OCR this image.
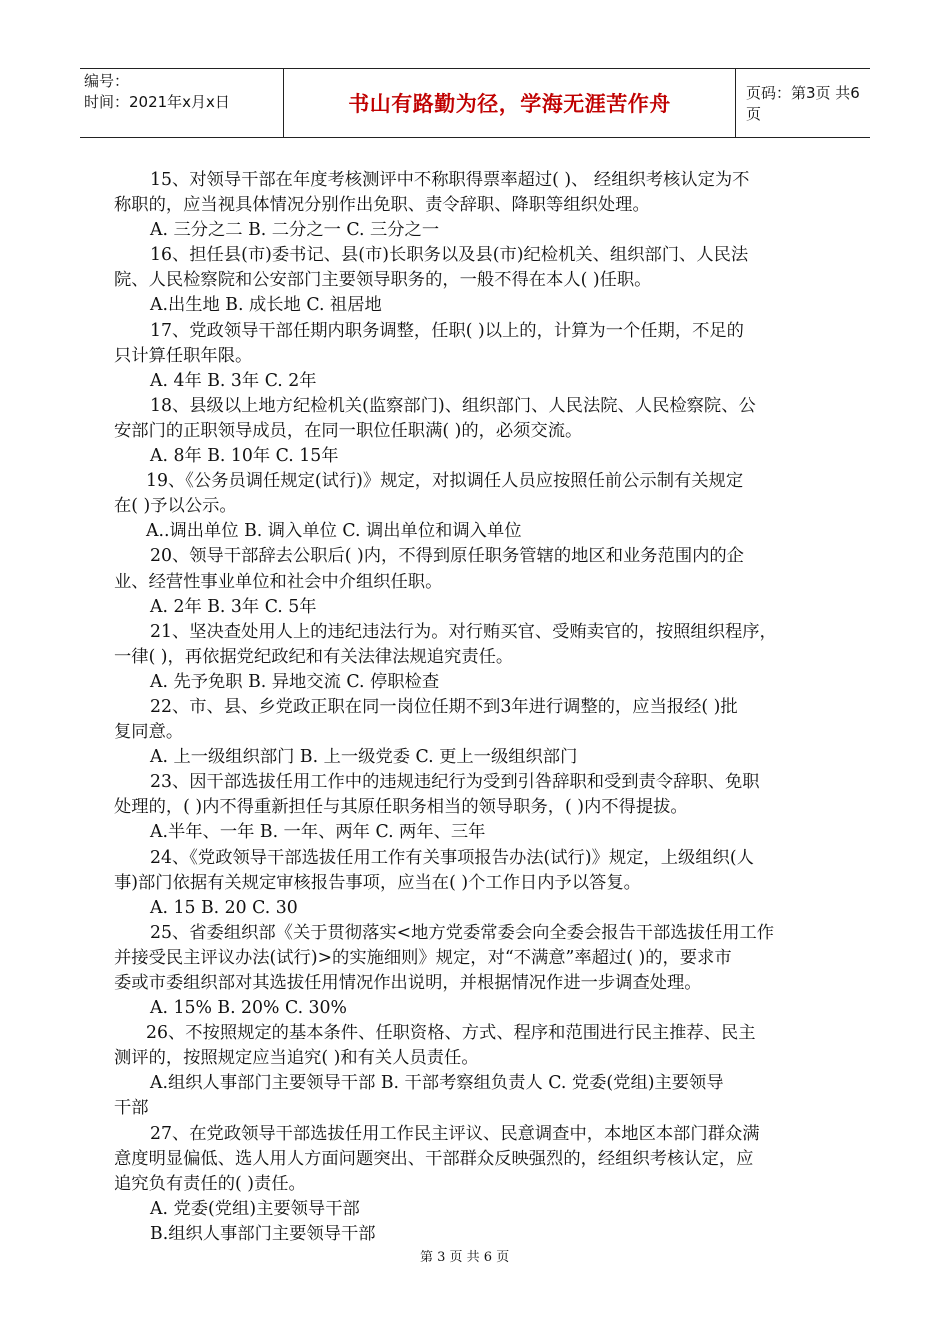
编号：
时间：2021年x月x日	书山有路勤为径，学海无涯苦作舟	页码：第3页 共6页
15、对领导干部在年度考核测评中不称职得票率超过( )、 经组织考核认定为不
称职的，应当视具体情况分别作出免职、责令辞职、降职等组织处理。
A. 三分之二 B. 二分之一 C. 三分之一
16、担任县(市)委书记、县(市)长职务以及县(市)纪检机关、组织部门、人民法
院、人民检察院和公安部门主要领导职务的，一般不得在本人( )任职。
A.出生地 B. 成长地 C. 祖居地
17、党政领导干部任期内职务调整，任职( )以上的，计算为一个任期，不足的
只计算任职年限。
A. 4年 B. 3年 C. 2年
18、县级以上地方纪检机关(监察部门)、组织部门、人民法院、人民检察院、公
安部门的正职领导成员，在同一职位任职满( )的，必须交流。
A. 8年 B. 10年 C. 15年
19、《公务员调任规定(试行)》规定，对拟调任人员应按照任前公示制有关规定
在( )予以公示。
A..调出单位 B. 调入单位 C. 调出单位和调入单位
20、领导干部辞去公职后( )内，不得到原任职务管辖的地区和业务范围内的企
业、经营性事业单位和社会中介组织任职。
A. 2年 B. 3年 C. 5年
21、坚决查处用人上的违纪违法行为。对行贿买官、受贿卖官的，按照组织程序，
一律( )，再依据党纪政纪和有关法律法规追究责任。
A. 先予免职 B. 异地交流 C. 停职检查
22、市、县、乡党政正职在同一岗位任期不到3年进行调整的，应当报经( )批
复同意。
A. 上一级组织部门 B. 上一级党委 C. 更上一级组织部门
23、因干部选拔任用工作中的违规违纪行为受到引咎辞职和受到责令辞职、免职
处理的，( )内不得重新担任与其原任职务相当的领导职务，( )内不得提拔。
A.半年、一年 B. 一年、两年 C. 两年、三年
24、《党政领导干部选拔任用工作有关事项报告办法(试行)》规定，上级组织(人
事)部门依据有关规定审核报告事项，应当在( )个工作日内予以答复。
A. 15 B. 20 C. 30
25、省委组织部《关于贯彻落实<地方党委常委会向全委会报告干部选拔任用工作
并接受民主评议办法(试行)>的实施细则》规定，对“不满意”率超过( )的，要求市
委或市委组织部对其选拔任用情况作出说明，并根据情况作进一步调查处理。
A. 15% B. 20% C. 30%
26、不按照规定的基本条件、任职资格、方式、程序和范围进行民主推荐、民主
测评的，按照规定应当追究( )和有关人员责任。
A.组织人事部门主要领导干部 B. 干部考察组负责人 C. 党委(党组)主要领导
干部
27、在党政领导干部选拔任用工作民主评议、民意调查中，本地区本部门群众满
意度明显偏低、选人用人方面问题突出、干部群众反映强烈的，经组织考核认定，应
追究负有责任的( )责任。
A. 党委(党组)主要领导干部
B.组织人事部门主要领导干部
第 3 页 共 6 页
